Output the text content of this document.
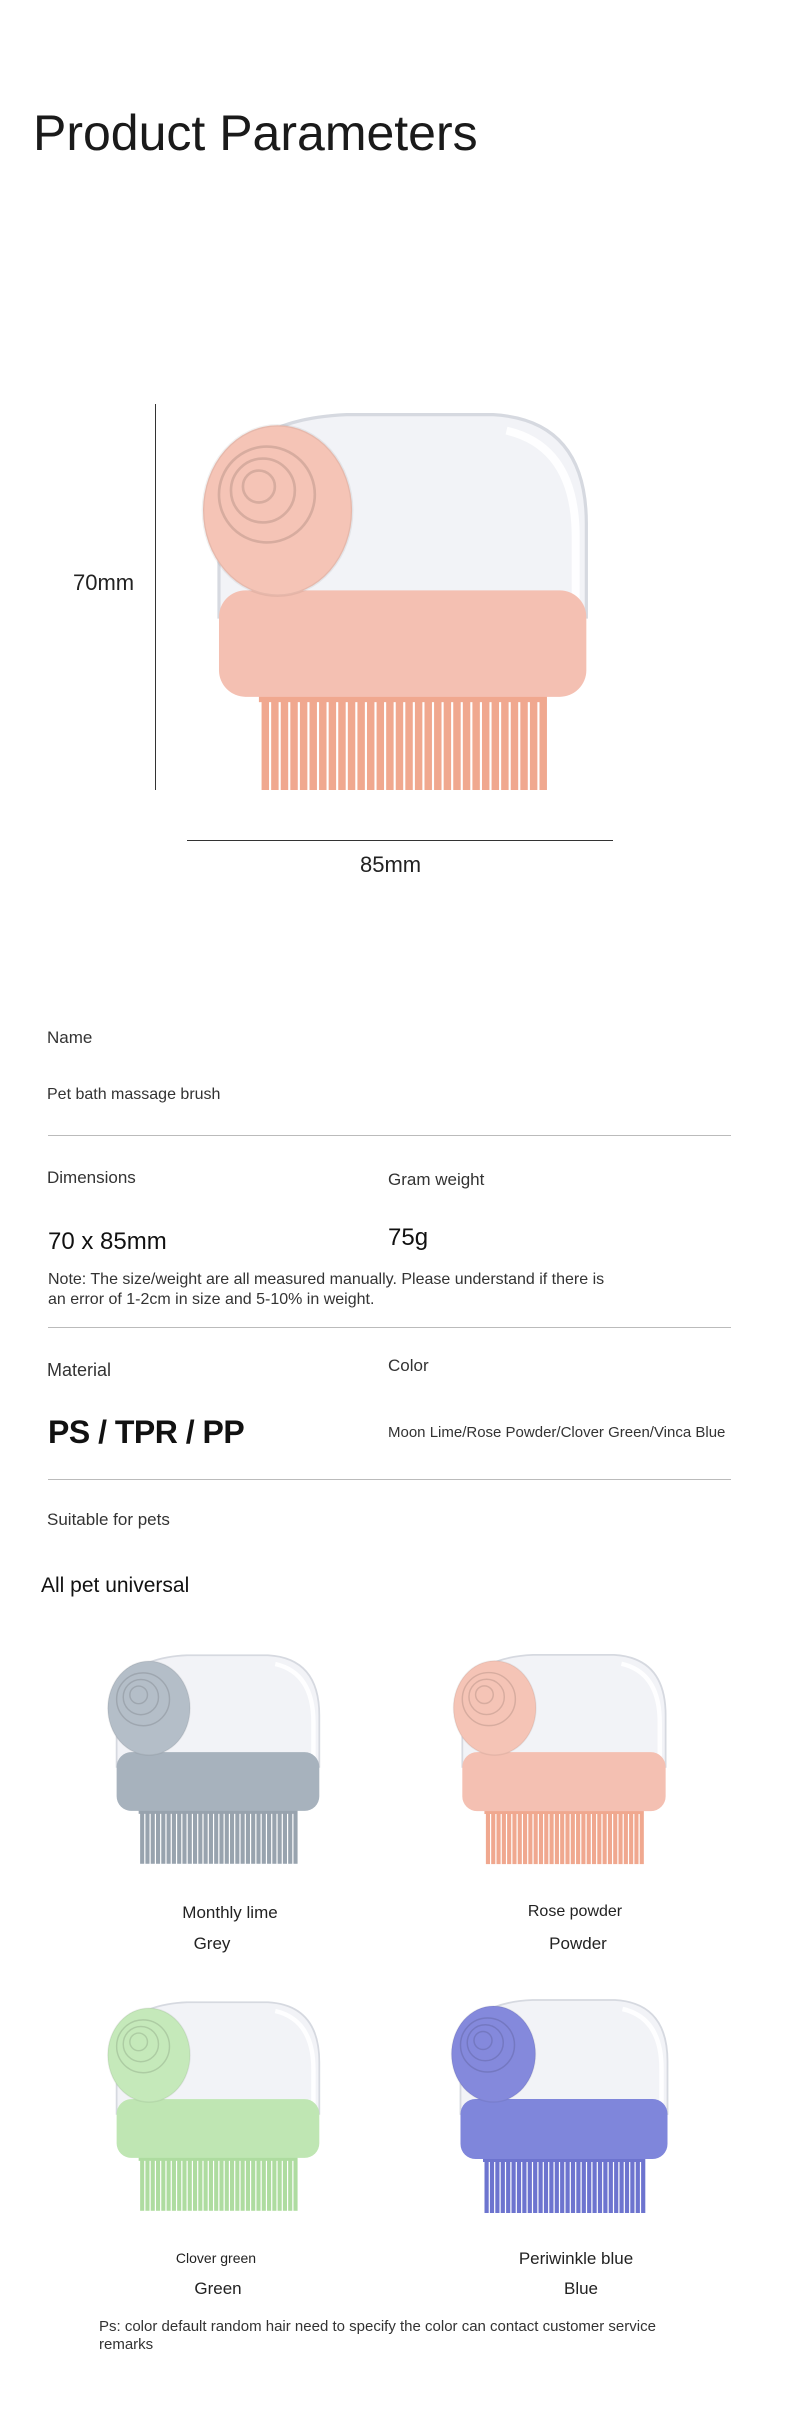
Product Parameters
70mm
85mm
Name
Pet bath massage brush
Dimensions	Gram weight
70 x 85mm	75g
Note: The size/weight are all measured manually. Please understand if there is
an error of 1-2cm in size and 5-10% in weight.
Material	Color
PS / TPR / PP	Moon Lime/Rose Powder/Clover Green/Vinca Blue
Suitable for pets
All pet universal
Monthly lime
Grey
Rose powder
Powder
Clover green
Green
Periwinkle blue
Blue
Ps: color default random hair need to specify the color can contact customer service
remarks
